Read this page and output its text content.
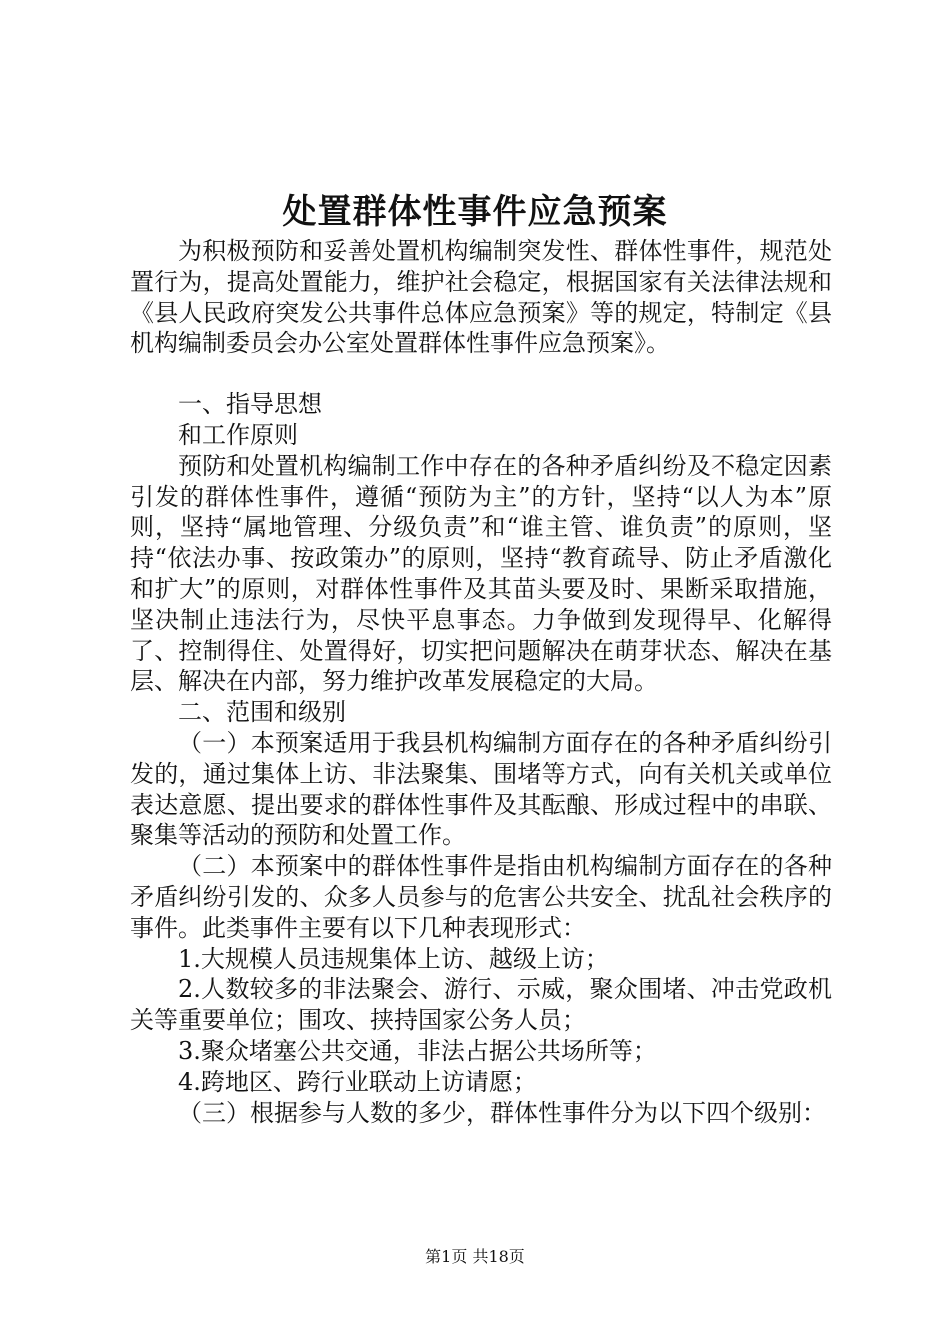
处置群体性事件应急预案

为积极预防和妥善处置机构编制突发性、群体性事件，规范处置行为，提高处置能力，维护社会稳定，根据国家有关法律法规和《县人民政府突发公共事件总体应急预案》等的规定，特制定《县机构编制委员会办公室处置群体性事件应急预案》。

一、指导思想

和工作原则

预防和处置机构编制工作中存在的各种矛盾纠纷及不稳定因素引发的群体性事件，遵循“预防为主”的方针，坚持“以人为本”原则，坚持“属地管理、分级负责”和“谁主管、谁负责”的原则，坚持“依法办事、按政策办”的原则，坚持“教育疏导、防止矛盾激化和扩大”的原则，对群体性事件及其苗头要及时、果断采取措施，坚决制止违法行为，尽快平息事态。力争做到发现得早、化解得了、控制得住、处置得好，切实把问题解决在萌芽状态、解决在基层、解决在内部，努力维护改革发展稳定的大局。

二、范围和级别

（一）本预案适用于我县机构编制方面存在的各种矛盾纠纷引发的，通过集体上访、非法聚集、围堵等方式，向有关机关或单位表达意愿、提出要求的群体性事件及其酝酿、形成过程中的串联、聚集等活动的预防和处置工作。

（二）本预案中的群体性事件是指由机构编制方面存在的各种矛盾纠纷引发的、众多人员参与的危害公共安全、扰乱社会秩序的事件。此类事件主要有以下几种表现形式：

1.大规模人员违规集体上访、越级上访；

2.人数较多的非法聚会、游行、示威，聚众围堵、冲击党政机关等重要单位；围攻、挟持国家公务人员；

3.聚众堵塞公共交通，非法占据公共场所等；

4.跨地区、跨行业联动上访请愿；

（三）根据参与人数的多少，群体性事件分为以下四个级别：

第1页 共18页
